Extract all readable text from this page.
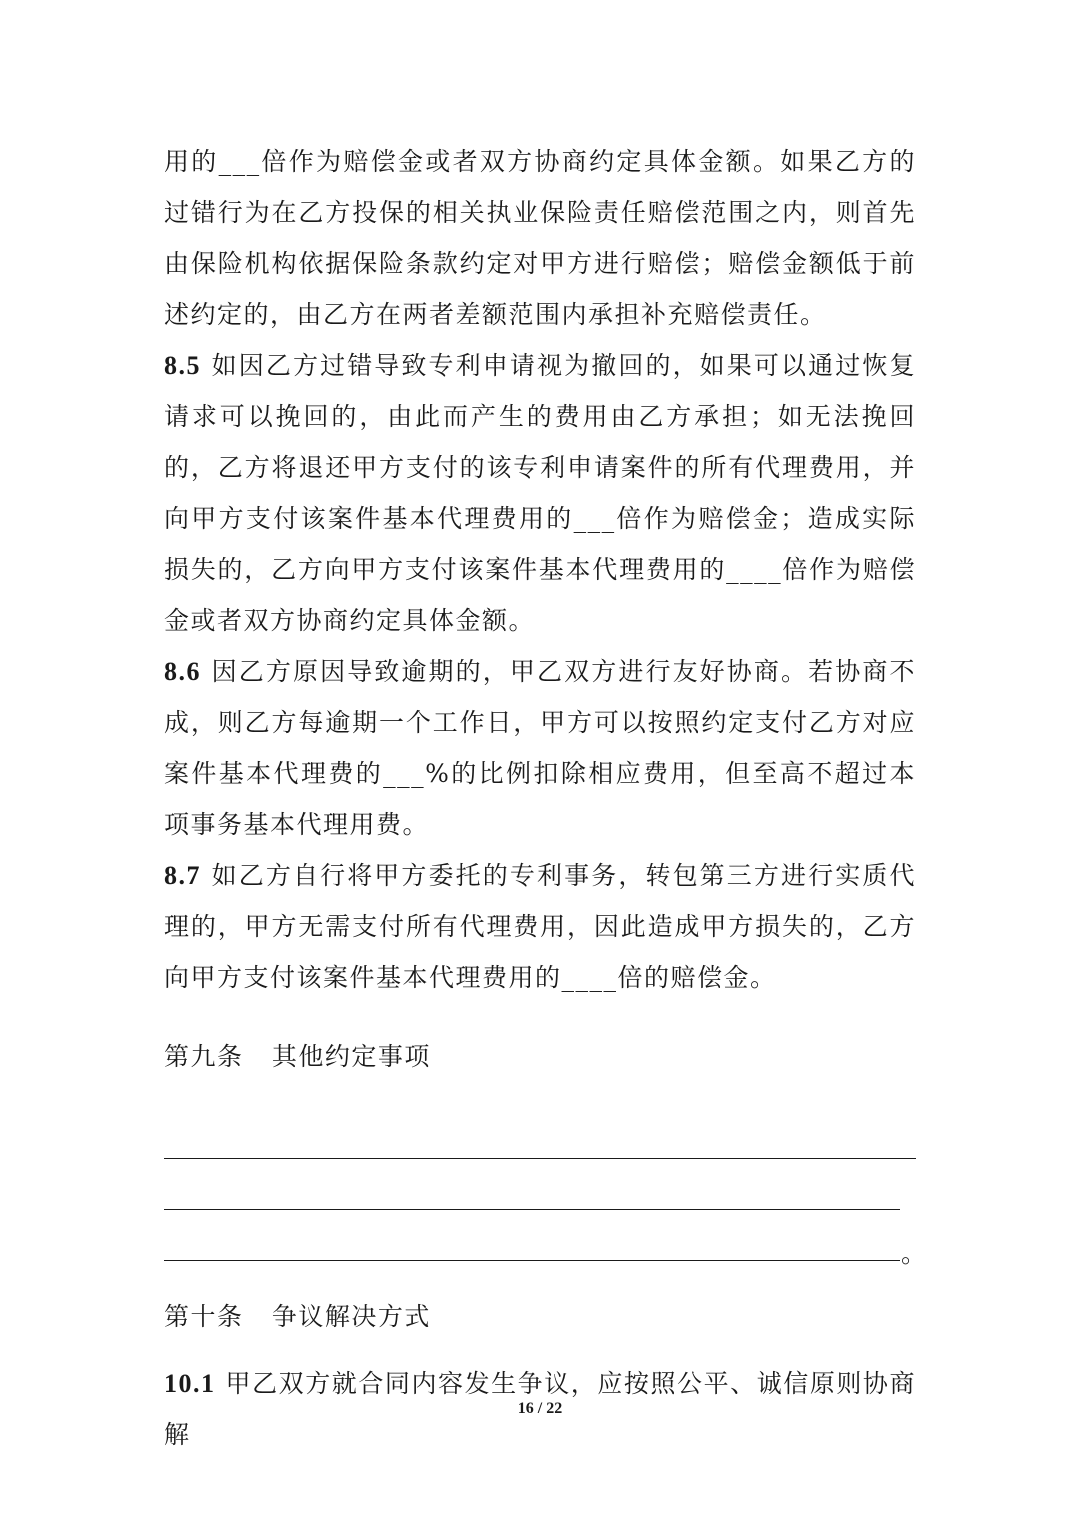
用的___倍作为赔偿金或者双方协商约定具体金额。如果乙方的过错行为在乙方投保的相关执业保险责任赔偿范围之内，则首先由保险机构依据保险条款约定对甲方进行赔偿；赔偿金额低于前述约定的，由乙方在两者差额范围内承担补充赔偿责任。

8.5 如因乙方过错导致专利申请视为撤回的，如果可以通过恢复请求可以挽回的，由此而产生的费用由乙方承担；如无法挽回的，乙方将退还甲方支付的该专利申请案件的所有代理费用，并向甲方支付该案件基本代理费用的___倍作为赔偿金；造成实际损失的，乙方向甲方支付该案件基本代理费用的____倍作为赔偿金或者双方协商约定具体金额。

8.6 因乙方原因导致逾期的，甲乙双方进行友好协商。若协商不成，则乙方每逾期一个工作日，甲方可以按照约定支付乙方对应案件基本代理费的___%的比例扣除相应费用，但至高不超过本项事务基本代理用费。

8.7 如乙方自行将甲方委托的专利事务，转包第三方进行实质代理的，甲方无需支付所有代理费用，因此造成甲方损失的，乙方向甲方支付该案件基本代理费用的____倍的赔偿金。

第九条   其他约定事项

。

第十条   争议解决方式

10.1 甲乙双方就合同内容发生争议，应按照公平、诚信原则协商解

16 / 22
